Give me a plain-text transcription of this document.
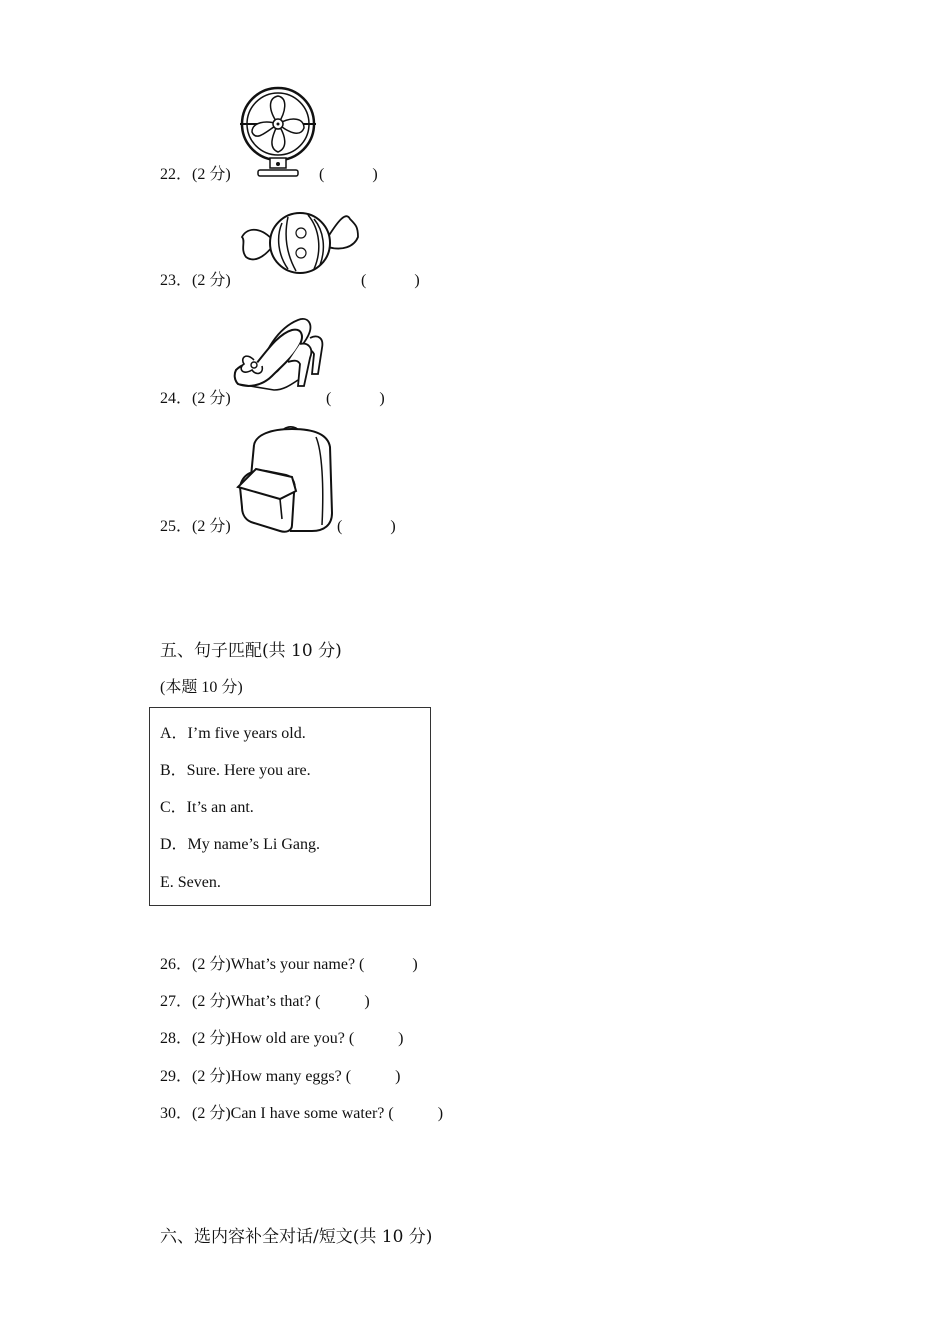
22．(2 分)	(            )
23．(2 分)	(            )
24．(2 分)	(            )
25．(2 分)	(            )
五、句子匹配(共 10 分)
(本题 10 分)
A．I’m five years old.
B．Sure. Here you are.
C．It’s an ant.
D．My name’s Li Gang.
E. Seven.
26．(2 分)What’s your name? (            )
27．(2 分)What’s that? (           )
28．(2 分)How old are you? (           )
29．(2 分)How many eggs? (           )
30．(2 分)Can I have some water? (           )
六、选内容补全对话/短文(共 10 分)
